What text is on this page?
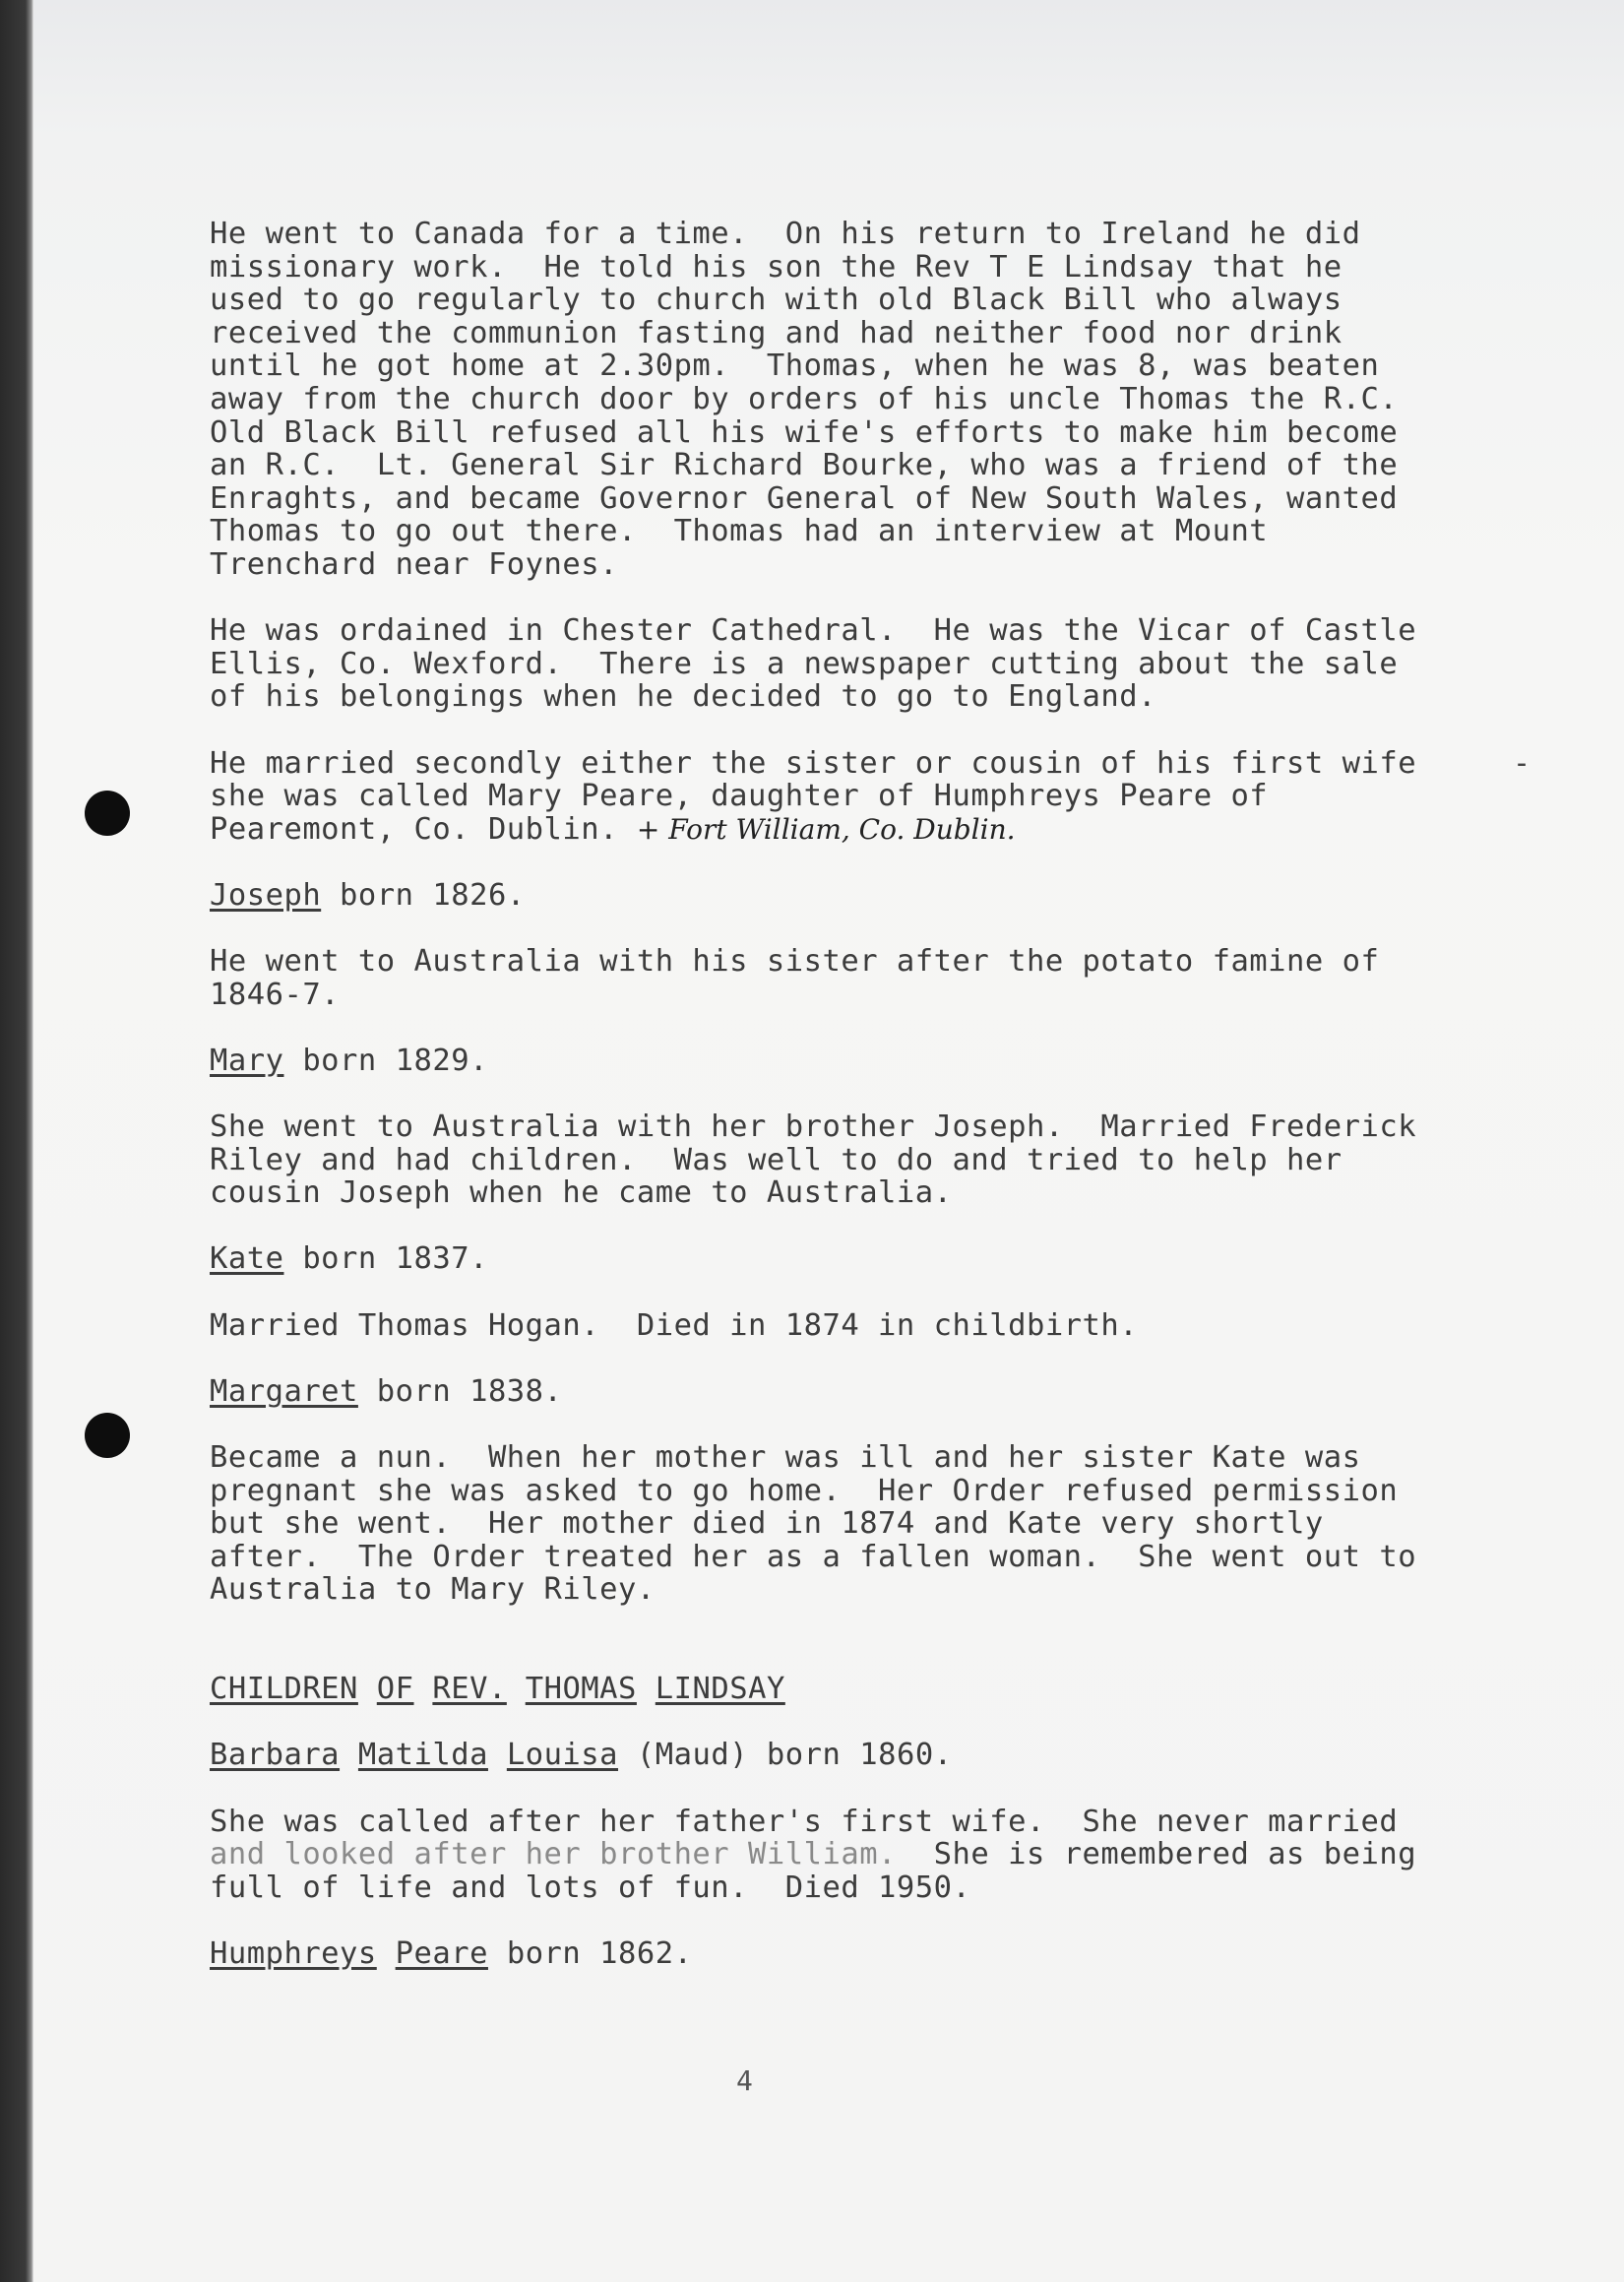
He went to Canada for a time.  On his return to Ireland he did
missionary work.  He told his son the Rev T E Lindsay that he
used to go regularly to church with old Black Bill who always
received the communion fasting and had neither food nor drink
until he got home at 2.30pm.  Thomas, when he was 8, was beaten
away from the church door by orders of his uncle Thomas the R.C.
Old Black Bill refused all his wife's efforts to make him become
an R.C.  Lt. General Sir Richard Bourke, who was a friend of the
Enraghts, and became Governor General of New South Wales, wanted
Thomas to go out there.  Thomas had an interview at Mount
Trenchard near Foynes.

He was ordained in Chester Cathedral.  He was the Vicar of Castle
Ellis, Co. Wexford.  There is a newspaper cutting about the sale
of his belongings when he decided to go to England.

He married secondly either the sister or cousin of his first wife
she was called Mary Peare, daughter of Humphreys Peare of
Pearemont, Co. Dublin. + Fort William, Co. Dublin.

Joseph born 1826.

He went to Australia with his sister after the potato famine of
1846-7.

Mary born 1829.

She went to Australia with her brother Joseph.  Married Frederick
Riley and had children.  Was well to do and tried to help her
cousin Joseph when he came to Australia.

Kate born 1837.

Married Thomas Hogan.  Died in 1874 in childbirth.

Margaret born 1838.

Became a nun.  When her mother was ill and her sister Kate was
pregnant she was asked to go home.  Her Order refused permission
but she went.  Her mother died in 1874 and Kate very shortly
after.  The Order treated her as a fallen woman.  She went out to
Australia to Mary Riley.

CHILDREN OF REV. THOMAS LINDSAY

Barbara Matilda Louisa (Maud) born 1860.

She was called after her father's first wife.  She never married
and looked after her brother William.  She is remembered as being
full of life and lots of fun.  Died 1950.

Humphreys Peare born 1862.

-
4
